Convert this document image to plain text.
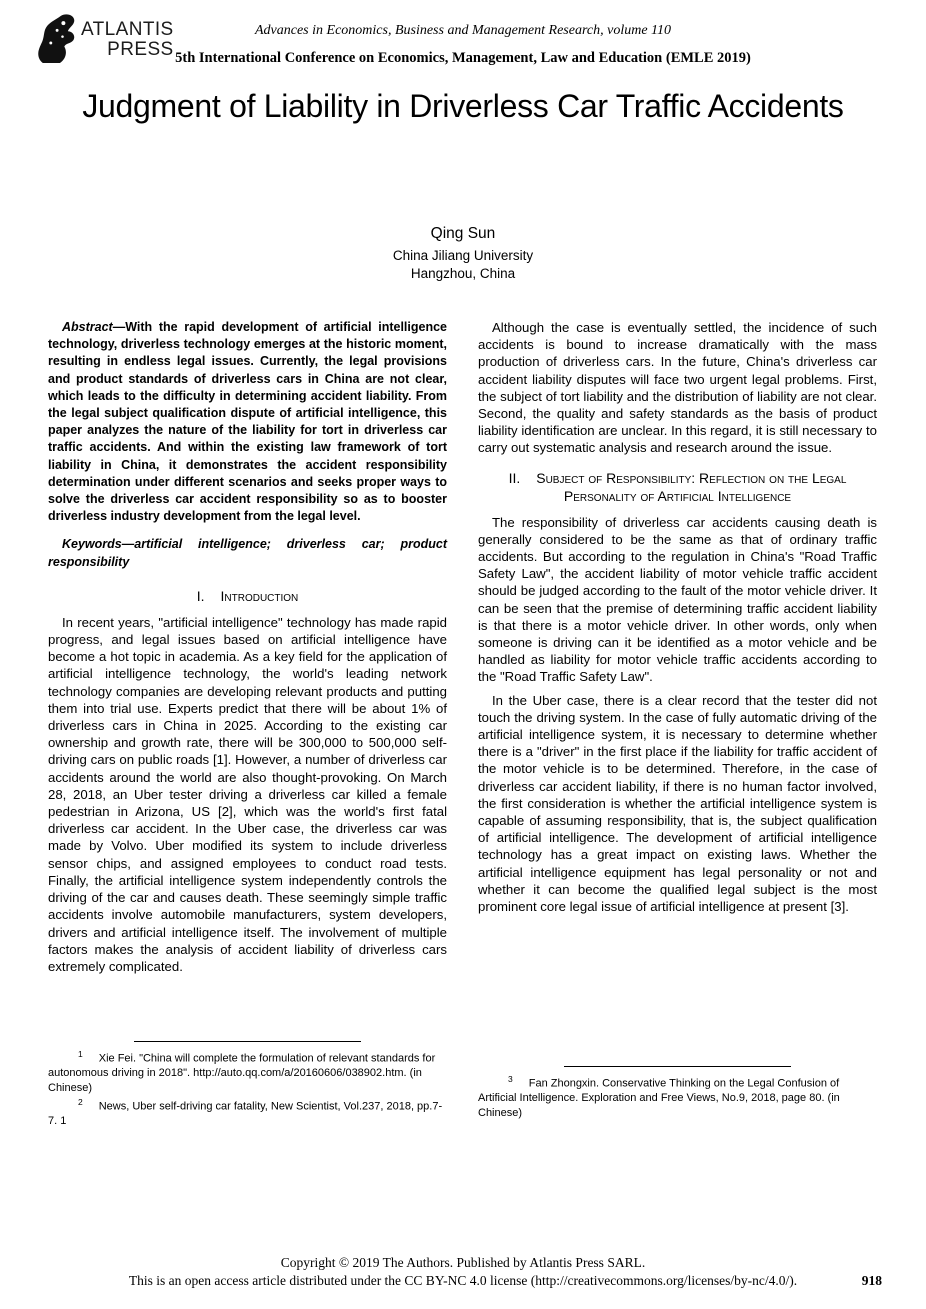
ATLANTIS
PRESS
Advances in Economics, Business and Management Research, volume 110
5th International Conference on Economics, Management, Law and Education (EMLE 2019)
Judgment of Liability in Driverless Car Traffic Accidents
Qing Sun
China Jiliang University
Hangzhou, China

Abstract—With the rapid development of artificial intelligence technology, driverless technology emerges at the historic moment, resulting in endless legal issues. Currently, the legal provisions and product standards of driverless cars in China are not clear, which leads to the difficulty in determining accident liability. From the legal subject qualification dispute of artificial intelligence, this paper analyzes the nature of the liability for tort in driverless car traffic accidents. And within the existing law framework of tort liability in China, it demonstrates the accident responsibility determination under different scenarios and seeks proper ways to solve the driverless car accident responsibility so as to booster driverless industry development from the legal level.

Keywords—artificial intelligence; driverless car; product responsibility

I. Introduction

In recent years, "artificial intelligence" technology has made rapid progress, and legal issues based on artificial intelligence have become a hot topic in academia. As a key field for the application of artificial intelligence technology, the world's leading network technology companies are developing relevant products and putting them into trial use. Experts predict that there will be about 1% of driverless cars in China in 2025. According to the existing car ownership and growth rate, there will be 300,000 to 500,000 self-driving cars on public roads [1]. However, a number of driverless car accidents around the world are also thought-provoking. On March 28, 2018, an Uber tester driving a driverless car killed a female pedestrian in Arizona, US [2], which was the world's first fatal driverless car accident. In the Uber case, the driverless car was made by Volvo. Uber modified its system to include driverless sensor chips, and assigned employees to conduct road tests. Finally, the artificial intelligence system independently controls the driving of the car and causes death. These seemingly simple traffic accidents involve automobile manufacturers, system developers, drivers and artificial intelligence itself. The involvement of multiple factors makes the analysis of accident liability of driverless cars extremely complicated.

$^1$ Xie Fei. "China will complete the formulation of relevant standards for autonomous driving in 2018". http://auto.qq.com/a/20160606/038902.htm. (in Chinese)

$^2$ News, Uber self-driving car fatality, New Scientist, Vol.237, 2018, pp.7-7. 1

Although the case is eventually settled, the incidence of such accidents is bound to increase dramatically with the mass production of driverless cars. In the future, China's driverless car accident liability disputes will face two urgent legal problems. First, the subject of tort liability and the distribution of liability are not clear. Second, the quality and safety standards as the basis of product liability identification are unclear. In this regard, it is still necessary to carry out systematic analysis and research around the issue.

II. Subject of Responsibility: Reflection on the Legal Personality of Artificial Intelligence

The responsibility of driverless car accidents causing death is generally considered to be the same as that of ordinary traffic accidents. But according to the regulation in China's "Road Traffic Safety Law", the accident liability of motor vehicle traffic accident should be judged according to the fault of the motor vehicle driver. It can be seen that the premise of determining traffic accident liability is that there is a motor vehicle driver. In other words, only when someone is driving can it be identified as a motor vehicle and be handled as liability for motor vehicle traffic accidents according to the "Road Traffic Safety Law".

In the Uber case, there is a clear record that the tester did not touch the driving system. In the case of fully automatic driving of the artificial intelligence system, it is necessary to determine whether there is a "driver" in the first place if the liability for traffic accident of the motor vehicle is to be determined. Therefore, in the case of driverless car accident liability, if there is no human factor involved, the first consideration is whether the artificial intelligence system is capable of assuming responsibility, that is, the subject qualification of artificial intelligence. The development of artificial intelligence technology has a great impact on existing laws. Whether the artificial intelligence equipment has legal personality or not and whether it can become the qualified legal subject is the most prominent core legal issue of artificial intelligence at present [3].

$^3$ Fan Zhongxin. Conservative Thinking on the Legal Confusion of Artificial Intelligence. Exploration and Free Views, No.9, 2018, page 80. (in Chinese)

Copyright © 2019 The Authors. Published by Atlantis Press SARL.
This is an open access article distributed under the CC BY-NC 4.0 license (http://creativecommons.org/licenses/by-nc/4.0/).	918
